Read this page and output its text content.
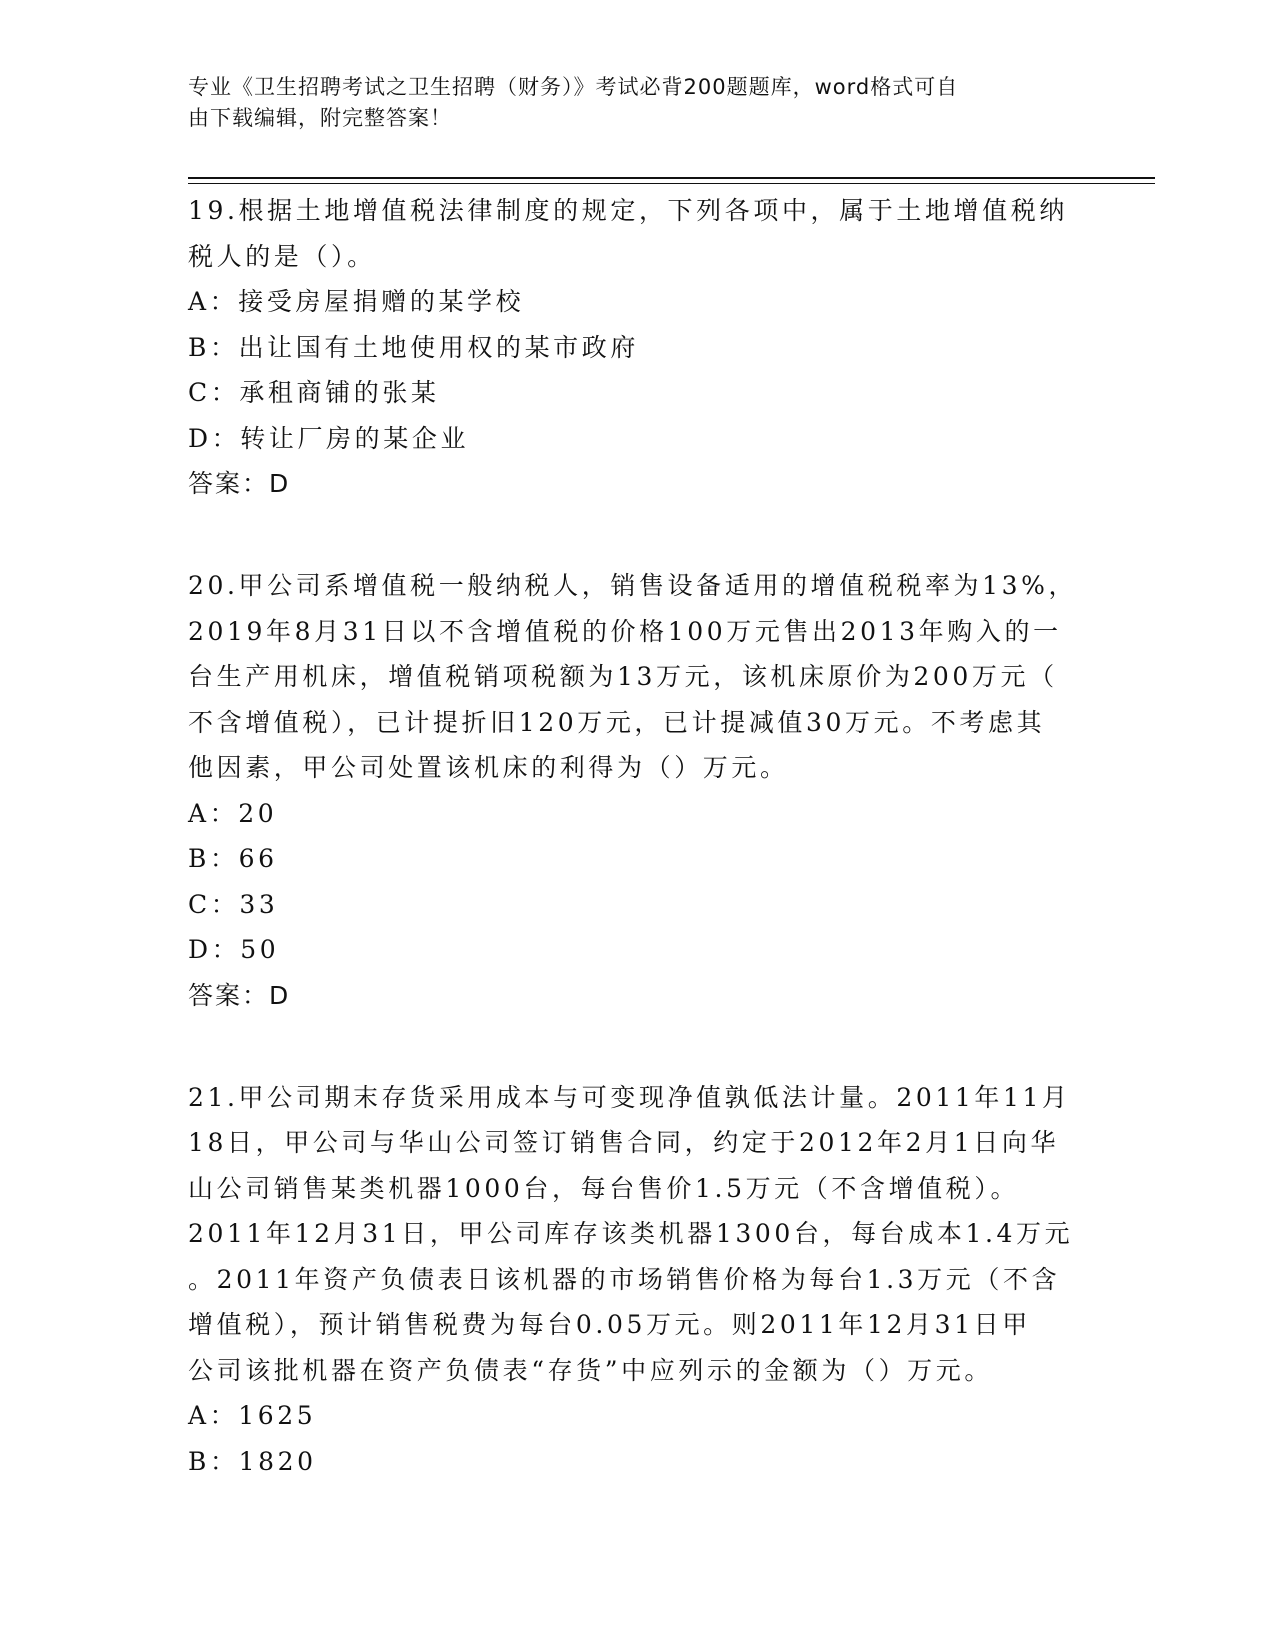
专业《卫生招聘考试之卫生招聘（财务）》考试必背200题题库，word格式可自
由下载编辑，附完整答案！
19.根据土地增值税法律制度的规定，下列各项中，属于土地增值税纳
税人的是（）。
A：接受房屋捐赠的某学校
B：出让国有土地使用权的某市政府
C：承租商铺的张某
D：转让厂房的某企业
答案：D
20.甲公司系增值税一般纳税人，销售设备适用的增值税税率为13%，
2019年8月31日以不含增值税的价格100万元售出2013年购入的一
台生产用机床，增值税销项税额为13万元，该机床原价为200万元（
不含增值税），已计提折旧120万元，已计提减值30万元。不考虑其
他因素，甲公司处置该机床的利得为（）万元。
A：20
B：66
C：33
D：50
答案：D
21.甲公司期末存货采用成本与可变现净值孰低法计量。2011年11月
18日，甲公司与华山公司签订销售合同，约定于2012年2月1日向华
山公司销售某类机器1000台，每台售价1.5万元（不含增值税）。
2011年12月31日，甲公司库存该类机器1300台，每台成本1.4万元
。2011年资产负债表日该机器的市场销售价格为每台1.3万元（不含
增值税），预计销售税费为每台0.05万元。则2011年12月31日甲
公司该批机器在资产负债表“存货”中应列示的金额为（）万元。
A：1625
B：1820
